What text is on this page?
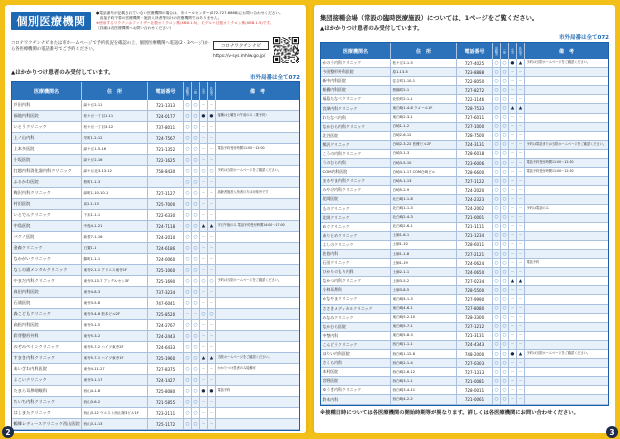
個別医療機関
●電話番号が記載されていない医療機関の場合は、市コールセンター(072-727-6868)にお問い合わせください。
　直接予約不要の医療機関・施設入所者等向けの医療機関ではありません。
※使用するワクチンはファイザー社製オミクロン株(XBB.1.5)、モデルナ社製オミクロン株(XBB.1.5)です。
（詳細は各医療機関へお問い合わせください）
コロナワクチンナビまたは市ホームページで予約状況を確認の上、個別医療機関へ電話(2・3ページ)から各医療機関の電話番号でご予約ください。
コロナワクチンナビ
https://v-sys.mhlw.go.jp/
▲はかかりつけ患者のみ受付しています。
市外局番は全て072
医療機関名	住　所	電話番号	高齢者	一般	小児	乳幼児	備　考
芦田内科	緑ケ丘2-11	721-1313	○ ○ − −
福地内科医院	松ケ丘一丁目1-11	724-0177	○ ○ ● ●	接種は土曜日の午前のみ（要予約）
いとうクリニック	松ケ丘一丁目3-12	737-8011	○ ○ − −
上ノ山内科	栄町1-2-12	724-7567	○ ○ − −
上本多医院	緑ケ丘1-5-16	721-1352	○ ○ − −	電話予約受付時間11:00〜12:00
小坂医院	緑ケ丘2-16	722-1625	○ ○ − −
打越内科消化器内科クリニック	緑ケ丘北3-13-12	758-8430	○ ○ ○ ○	予約は当院ホームページをご確認ください。
ふるかわ医院	桜町1-1-3	○ ○ − −
梅沢内科クリニック	緑町1-10-10-1	727-1127	○ ○ − −	高齢者施設入所者の方は対象外です
村田医院	泉2-1-13	725-7000	○ ○ − −
いとでんクリニック	下末1-1-1	722-6330	○ ○ − −
中島医院	中島4-1-21	724-7118	○ ○ ▲	▲	平日午後のみ 電話予約受付時間14:00〜17:00
バクノ医院	新堂7-1-16	724-2010	○ ○ − −
金森クリニック	日置1-1	724-6186	○ ○ − −
なかがいクリニック	錦町1-1-1	724-0060	○ ○ − −
なしの浦メンタルクリニック	東寺2-1-1 アドニス東寺1F	725-1060	○ ○ − −
やまだ内科クリニック	東寺3-13-7 アンデルセン3F	725-1690	○ ○ ○ ○	予約は当院ホームページをご確認ください。
真田内科医院	東寺4-8-3	737-3234	○ ○ − −
石浦医院	東寺3-5-8	747-6041	○ ○ − −
森こどもクリニック	東寺3-4-6 松本ビル2F	725-8520	− − ○ ○
高松内科医院	東寺3-1-5	724-2767	○ ○ − −
彩芽整形外科	東寺5-3-2	724-2443	○ ○ − −
のぞみペインクリニック	東寺5-7-2 ハイツ東寺2F	724-6433	○ ○ − −
すまき内科クリニック	東寺5-7-1 ハイツ東寺1F	725-1960	○ ○ ▲	▲	当院ホームページをご確認ください。
あいざわ内科医院	東寺4-11-27	727-8375	○ ○ − −	かかりつけ患者のみ接種可
よこいクリニック	東寺3-1-17	724-1427	○ ○ − −
たまら耳鼻咽喉科	西山4-1-8	725-8080	○ ○ ● ●	電話予約
ちいち内科クリニック	西山3-6-2	721-5855	○ ○ − −
はしまたクリニック	西山3-12 ウエスト西山第3ビル1F	723-2111	○ ○ − −
鶴舞レディースクリニック西山医院	西山3-1-13	725-1172	○ ○ − −
集団接種会場（常設の臨時医療施設）については、1ページをご覧ください。
▲はかかりつけ患者のみ受付しています。
市外局番は全て072
医療機関名	住　所	電話番号	高齢者	一般	小児	乳幼児	備　考
かのう内科クリニック	松ケ丘2-1-5	727-4025	○ ○ ● ▲	予約は当院ホームページをご確認ください。
今田整形外科医院	原1-13-5	723-8888	○ ○ − −
新中内科医院	住吉町1-10-1	722-8050	○ ○ − −
船橋内科医院	桜橋町2-1	727-8272	○ ○ − −
福島たなべクリニック	北松町2-1-1	722-1146	○ ○ − −
宮澤内科クリニック	東白崎1-4-8 ラメール1F	728-7533	○ ○ ▲	▲
わたなべ内科	東白崎2-3-1	727-6011	○ ○ − −
なかむら内科クリニック	白崎1-1-2	727-1000	○ ○ − −
北谷医院	白崎2-6-12	728-7500	○ ○ − −
熊沢クリニック	白崎2-3-22 医療ビル2F	724-3131	○ ○ − −	予約は電話または当院ホームページをご確認ください。
こうの内科クリニック	白崎3-1-3	728-6018	○ ○ − −
うのむら内科	白崎3-5-10	723-6006	○ ○ − −	電話予約受付時間11:00〜12:30
COM内科医院	白崎4-1-17 COM白崎ビル	728-6600	○ ○ − −	電話予約受付時間11:00〜12:30
まるやま内科クリニック	白崎5-1-13	727-1122	○ ○ − −
みやけ内科クリニック	白崎5-2-9	724-2020	○ ○ − −
花岡医院	北白崎1-1-8	724-2323	○ ○ − −
ものクリニック	北白崎1-1-3	724-2002	○ ○ − −	予約は電話のみ
北岡クリニック	北白崎2-4-3	721-0001	○ ○ − −
めぐクリニック	北白崎2-6-1	721-1111	○ ○ − −
ありとめクリニック	土師1-6-1	721-1234	○ ○ − −
よしのクリニック	土師1-10	728-6011	○ ○ − −
佐伯内科	土師1-1-8	727-2121	○ ○ − −
石田クリニック	土師1-19	724-0624	○ ○ − −	電話予約
ひかりのもり内科	土師2-1-1	724-0650	○ ○ − −
なかつ内科クリニック	土師3-5-2	727-0234	○ ○ ▲	▲
小林耳鼻科	土師3-8-5	728-5500	○ ○ − −
かなやまクリニック	東白崎4-1-3	727-9990	○ ○ − −
ささきメディカルクリニック	東白崎4-6-1	727-8080	○ ○ − −
みなみクリニック	東白崎5-2-10	728-3300	○ ○ − −
なかむら医院	東白崎5-7-1	727-1212	○ ○ − −
中埜内科	東白崎5-8-3	721-3131	○ ○ − −
こんどうクリニック	西白崎1-1-1	724-4343	○ ○ − −
ほりい内科医院	西白崎1-12-8	748-2000	○ ○ ● ▲	予約は当院ホームページをご確認ください。
さくら内科	西白崎2-1-4	727-0303	○ ○ − −
木村医院	西白崎2-6-12	727-1313	○ ○ − −
宮野医院	西白崎3-1-1	721-0081	○ ○ − −
ゆうき内科クリニック	西白崎3-4-11	728-0011	○ ○ − −
鈴木内科	西白崎4-2-2	721-0061	○ ○ − −
※接種日時については各医療機関の開始時期等が異なります。詳しくは各医療機関にお問い合わせください。
2	3
